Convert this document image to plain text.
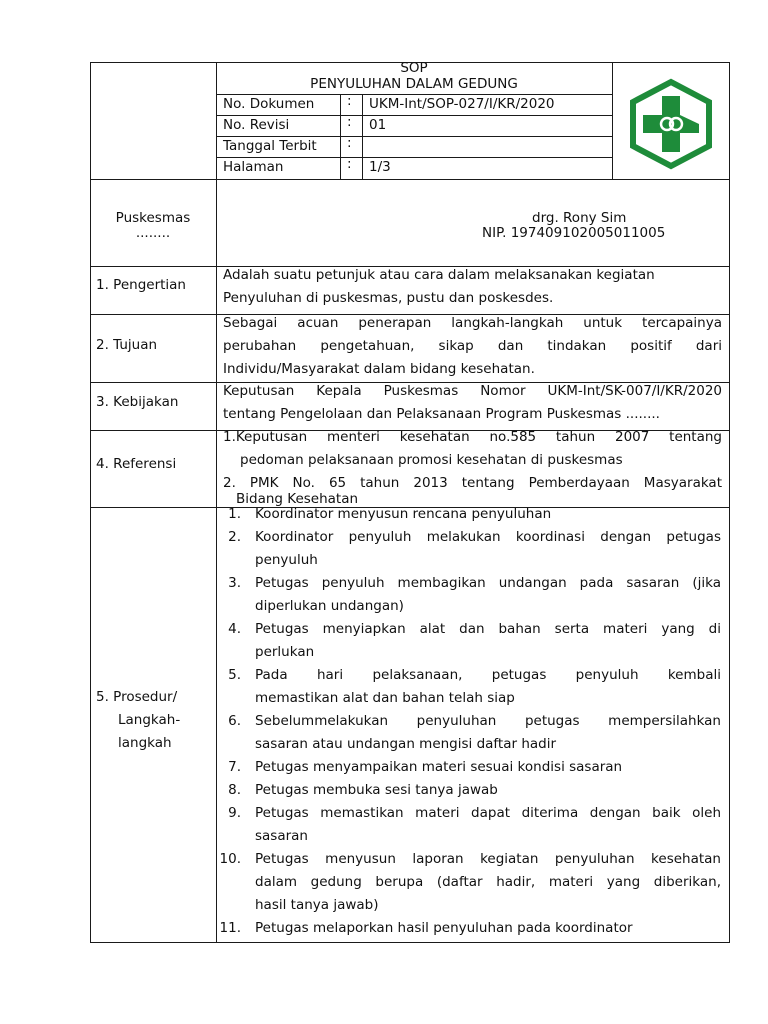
SOP
PENYULUHAN DALAM GEDUNG
No. Dokumen : UKM-Int/SOP-027/I/KR/2020
No. Revisi	: 01
Tanggal Terbit :
Halaman	: 1/3
Puskesmas
........
drg. Rony Sim
NIP. 197409102005011005
1. Pengertian
Adalah suatu petunjuk atau cara dalam melaksanakan kegiatan
Penyuluhan di puskesmas, pustu dan poskesdes.
2. Tujuan
Sebagai acuan penerapan langkah-langkah untuk tercapainya
perubahan pengetahuan, sikap dan tindakan positif dari
Individu/Masyarakat dalam bidang kesehatan.
3. Kebijakan
Keputusan Kepala Puskesmas Nomor UKM-Int/SK-007/I/KR/2020
tentang Pengelolaan dan Pelaksanaan Program Puskesmas ........
4. Referensi
1.Keputusan menteri kesehatan no.585 tahun 2007 tentang
pedoman pelaksanaan promosi kesehatan di puskesmas
2. PMK No. 65 tahun 2013 tentang Pemberdayaan Masyarakat
Bidang Kesehatan
5. Prosedur/
Langkah-
langkah
1. Koordinator menyusun rencana penyuluhan
2. Koordinator penyuluh melakukan koordinasi dengan petugas
penyuluh
3. Petugas penyuluh membagikan undangan pada sasaran (jika
diperlukan undangan)
4. Petugas menyiapkan alat dan bahan serta materi yang di
perlukan
5. Pada hari pelaksanaan, petugas penyuluh kembali
memastikan alat dan bahan telah siap
6. Sebelummelakukan penyuluhan petugas mempersilahkan
sasaran atau undangan mengisi daftar hadir
7. Petugas menyampaikan materi sesuai kondisi sasaran
8. Petugas membuka sesi tanya jawab
9. Petugas memastikan materi dapat diterima dengan baik oleh
sasaran
10. Petugas menyusun laporan kegiatan penyuluhan kesehatan
dalam gedung berupa (daftar hadir, materi yang diberikan,
hasil tanya jawab)
11. Petugas melaporkan hasil penyuluhan pada koordinator
